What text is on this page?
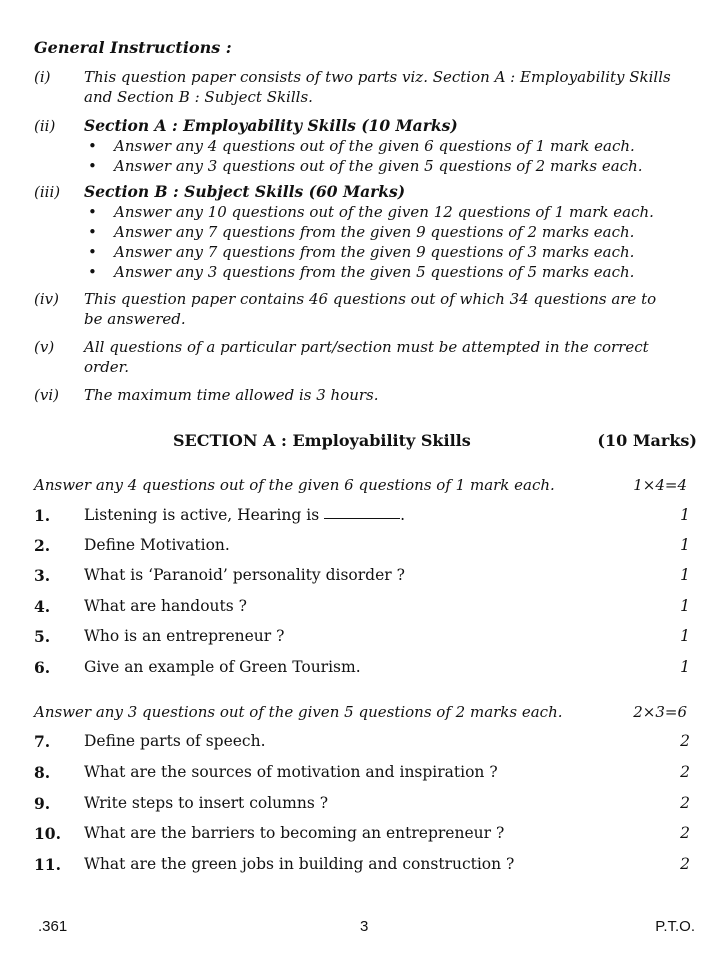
General Instructions :
(i) This question paper consists of two parts viz. Section A : Employability Skills and Section B : Subject Skills.
(ii) Section A : Employability Skills (10 Marks)
• Answer any 4 questions out of the given 6 questions of 1 mark each.
• Answer any 3 questions out of the given 5 questions of 2 marks each.
(iii) Section B : Subject Skills (60 Marks)
• Answer any 10 questions out of the given 12 questions of 1 mark each.
• Answer any 7 questions from the given 9 questions of 2 marks each.
• Answer any 7 questions from the given 9 questions of 3 marks each.
• Answer any 3 questions from the given 5 questions of 5 marks each.
(iv) This question paper contains 46 questions out of which 34 questions are to be answered.
(v) All questions of a particular part/section must be attempted in the correct order.
(vi) The maximum time allowed is 3 hours.
SECTION A : Employability Skills	(10 Marks)
Answer any 4 questions out of the given 6 questions of 1 mark each.	1×4=4
1. Listening is active, Hearing is	.	1
2. Define Motivation.	1
3. What is ‘Paranoid’ personality disorder ?	1
4. What are handouts ?	1
5. Who is an entrepreneur ?	1
6. Give an example of Green Tourism.	1
Answer any 3 questions out of the given 5 questions of 2 marks each.	2×3=6
7. Define parts of speech.	2
8. What are the sources of motivation and inspiration ?	2
9. Write steps to insert columns ?	2
10. What are the barriers to becoming an entrepreneur ?	2
11. What are the green jobs in building and construction ?	2
.361	3	P.T.O.
